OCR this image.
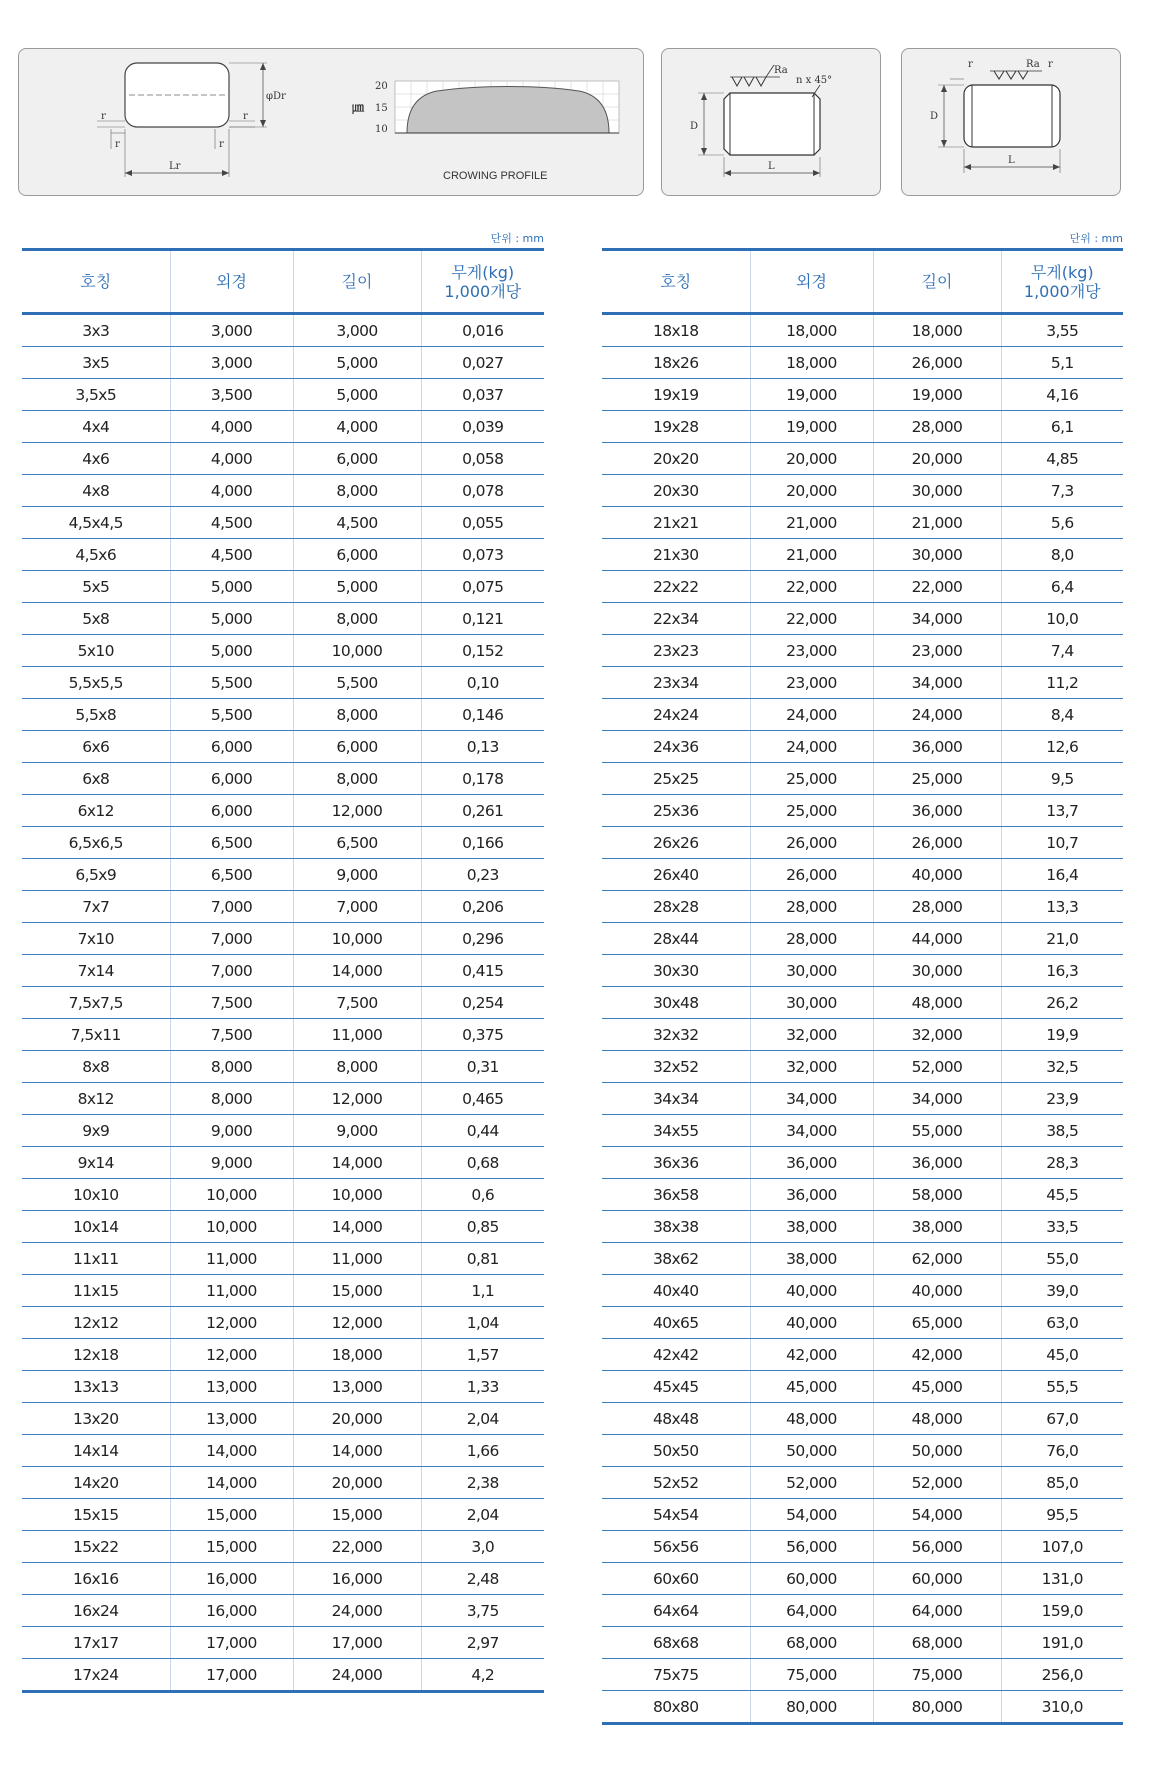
φDr
Lr
r
r
r
r
20
15
10
㎛
CROWING PROFILE
Ra
n x 45°
D
L
Ra
r	r
D
L
단위 : mm
호칭	외경	길이	무게(kg)
1,000개당
3x3	3,000	3,000	0,016
3x5	3,000	5,000	0,027
3,5x5	3,500	5,000	0,037
4x4	4,000	4,000	0,039
4x6	4,000	6,000	0,058
4x8	4,000	8,000	0,078
4,5x4,5	4,500	4,500	0,055
4,5x6	4,500	6,000	0,073
5x5	5,000	5,000	0,075
5x8	5,000	8,000	0,121
5x10	5,000	10,000	0,152
5,5x5,5	5,500	5,500	0,10
5,5x8	5,500	8,000	0,146
6x6	6,000	6,000	0,13
6x8	6,000	8,000	0,178
6x12	6,000	12,000	0,261
6,5x6,5	6,500	6,500	0,166
6,5x9	6,500	9,000	0,23
7x7	7,000	7,000	0,206
7x10	7,000	10,000	0,296
7x14	7,000	14,000	0,415
7,5x7,5	7,500	7,500	0,254
7,5x11	7,500	11,000	0,375
8x8	8,000	8,000	0,31
8x12	8,000	12,000	0,465
9x9	9,000	9,000	0,44
9x14	9,000	14,000	0,68
10x10	10,000	10,000	0,6
10x14	10,000	14,000	0,85
11x11	11,000	11,000	0,81
11x15	11,000	15,000	1,1
12x12	12,000	12,000	1,04
12x18	12,000	18,000	1,57
13x13	13,000	13,000	1,33
13x20	13,000	20,000	2,04
14x14	14,000	14,000	1,66
14x20	14,000	20,000	2,38
15x15	15,000	15,000	2,04
15x22	15,000	22,000	3,0
16x16	16,000	16,000	2,48
16x24	16,000	24,000	3,75
17x17	17,000	17,000	2,97
17x24	17,000	24,000	4,2
단위 : mm
호칭	외경	길이	무게(kg)
1,000개당
18x18	18,000	18,000	3,55
18x26	18,000	26,000	5,1
19x19	19,000	19,000	4,16
19x28	19,000	28,000	6,1
20x20	20,000	20,000	4,85
20x30	20,000	30,000	7,3
21x21	21,000	21,000	5,6
21x30	21,000	30,000	8,0
22x22	22,000	22,000	6,4
22x34	22,000	34,000	10,0
23x23	23,000	23,000	7,4
23x34	23,000	34,000	11,2
24x24	24,000	24,000	8,4
24x36	24,000	36,000	12,6
25x25	25,000	25,000	9,5
25x36	25,000	36,000	13,7
26x26	26,000	26,000	10,7
26x40	26,000	40,000	16,4
28x28	28,000	28,000	13,3
28x44	28,000	44,000	21,0
30x30	30,000	30,000	16,3
30x48	30,000	48,000	26,2
32x32	32,000	32,000	19,9
32x52	32,000	52,000	32,5
34x34	34,000	34,000	23,9
34x55	34,000	55,000	38,5
36x36	36,000	36,000	28,3
36x58	36,000	58,000	45,5
38x38	38,000	38,000	33,5
38x62	38,000	62,000	55,0
40x40	40,000	40,000	39,0
40x65	40,000	65,000	63,0
42x42	42,000	42,000	45,0
45x45	45,000	45,000	55,5
48x48	48,000	48,000	67,0
50x50	50,000	50,000	76,0
52x52	52,000	52,000	85,0
54x54	54,000	54,000	95,5
56x56	56,000	56,000	107,0
60x60	60,000	60,000	131,0
64x64	64,000	64,000	159,0
68x68	68,000	68,000	191,0
75x75	75,000	75,000	256,0
80x80	80,000	80,000	310,0
